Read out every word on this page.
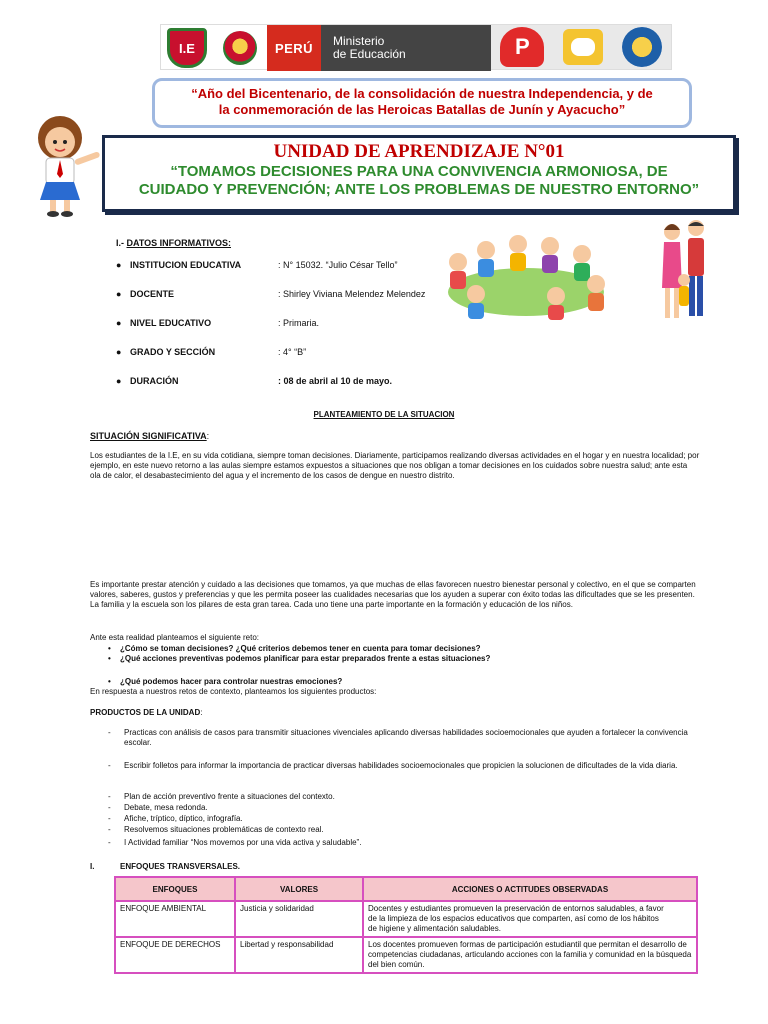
I.E	PERÚ	Ministerio
de Educación	P
“Año del Bicentenario, de la consolidación de nuestra Independencia, y de
la conmemoración de las Heroicas Batallas de Junín y Ayacucho”
UNIDAD DE APRENDIZAJE N°01
“TOMAMOS DECISIONES PARA UNA CONVIVENCIA ARMONIOSA, DE
CUIDADO Y PREVENCIÓN; ANTE LOS PROBLEMAS DE NUESTRO ENTORNO”
I.- DATOS INFORMATIVOS:
● INSTITUCION EDUCATIVA	: N° 15032. “Julio César Tello”
● DOCENTE	: Shirley Viviana Melendez Melendez
● NIVEL EDUCATIVO	: Primaria.
● GRADO Y SECCIÓN	: 4° “B”
● DURACIÓN	: 08 de abril al 10 de mayo.
PLANTEAMIENTO DE LA SITUACION
SITUACIÓN SIGNIFICATIVA:
Los estudiantes de la I.E, en su vida cotidiana, siempre toman decisiones. Diariamente, participamos realizando diversas actividades en el hogar y en nuestra localidad; por ejemplo, en este nuevo retorno a las aulas siempre estamos expuestos a situaciones que nos obligan a tomar decisiones en los cuidados sobre nuestra salud; ante esta ola de calor, el desabastecimiento del agua y el incremento de los casos de dengue en nuestro distrito.
Es importante prestar atención y cuidado a las decisiones que tomamos, ya que muchas de ellas favorecen nuestro bienestar personal y colectivo, en el que se comparten valores, saberes, gustos y preferencias y que les permita poseer las cualidades necesarias que los ayuden a superar con éxito todas las dificultades que se les presenten. La familia y la escuela son los pilares de esta gran tarea. Cada uno tiene una parte importante en la formación y educación de los niños.
Ante esta realidad planteamos el siguiente reto:
• ¿Cómo se toman decisiones? ¿Qué criterios debemos tener en cuenta para tomar decisiones?
• ¿Qué acciones preventivas podemos planificar para estar preparados frente a estas situaciones?
• ¿Qué podemos hacer para controlar nuestras emociones?
En respuesta a nuestros retos de contexto, planteamos los siguientes productos:
PRODUCTOS DE LA UNIDAD:
- Practicas con análisis de casos para transmitir situaciones vivenciales aplicando diversas habilidades socioemocionales que ayuden a fortalecer la convivencia escolar.
- Escribir folletos para informar la importancia de practicar diversas habilidades socioemocionales que propicien la solucionen de dificultades de la vida diaria.
- Plan de acción preventivo frente a situaciones del contexto.
- Debate, mesa redonda.
- Afiche, tríptico, díptico, infografía.
- Resolvemos situaciones problemáticas de contexto real.
- I Actividad familiar “Nos movemos por una vida activa y saludable”.
I.	ENFOQUES TRANSVERSALES.
ENFOQUES	VALORES	ACCIONES O ACTITUDES OBSERVADAS
ENFOQUE AMBIENTAL	Justicia y solidaridad	Docentes y estudiantes promueven la preservación de entornos saludables, a favor
de la limpieza de los espacios educativos que comparten, así como de los hábitos
de higiene y alimentación saludables.

ENFOQUE DE DERECHOS	Libertad y responsabilidad	Los docentes promueven formas de participación estudiantil que permitan el desarrollo de competencias ciudadanas, articulando acciones con la familia y comunidad en la búsqueda del bien común.
